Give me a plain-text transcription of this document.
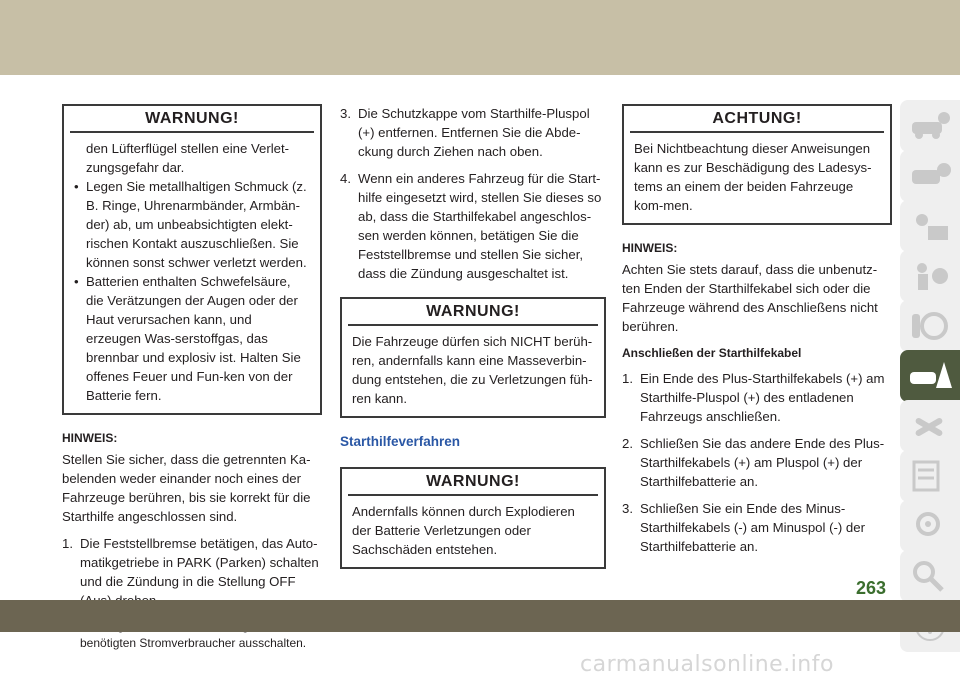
WARNUNG!

den Lüfterflügel stellen eine Verlet-zungsgefahr dar.

• Legen Sie metallhaltigen Schmuck (z. B. Ringe, Uhrenarmbänder, Armbän-der) ab, um unbeabsichtigten elekt-rischen Kontakt auszuschließen. Sie können sonst schwer verletzt werden.

• Batterien enthalten Schwefelsäure, die Verätzungen der Augen oder der Haut verursachen kann, und erzeugen Was-serstoffgas, das brennbar und explosiv ist. Halten Sie offenes Feuer und Fun-ken von der Batterie fern.

HINWEIS:

Stellen Sie sicher, dass die getrennten Ka-belenden weder einander noch eines der Fahrzeuge berühren, bis sie korrekt für die Starthilfe angeschlossen sind.

1. Die Feststellbremse betätigen, das Auto-matikgetriebe in PARK (Parken) schalten und die Zündung in die Stellung OFF

benötigten Stromverbraucher ausschalten.

3. Die Schutzkappe vom Starthilfe-Pluspol (+) entfernen. Entfernen Sie die Abde-ckung durch Ziehen nach oben.

4. Wenn ein anderes Fahrzeug für die Start-hilfe eingesetzt wird, stellen Sie dieses so ab, dass die Starthilfekabel angeschlos-sen werden können, betätigen Sie die Feststellbremse und stellen Sie sicher, dass die Zündung ausgeschaltet ist.

WARNUNG!

Die Fahrzeuge dürfen sich NICHT berüh-ren, andernfalls kann eine Masseverbin-dung entstehen, die zu Verletzungen füh-ren kann.

Starthilfeverfahren
WARNUNG!

Andernfalls können durch Explodieren der Batterie Verletzungen oder Sachschäden entstehen.

ACHTUNG!

Bei Nichtbeachtung dieser Anweisungen kann es zur Beschädigung des Ladesys-tems an einem der beiden Fahrzeuge kom-men.

HINWEIS:

Achten Sie stets darauf, dass die unbenutz-ten Enden der Starthilfekabel sich oder die Fahrzeuge während des Anschließens nicht berühren.

Anschließen der Starthilfekabel

1. Ein Ende des Plus-Starthilfekabels (+) am Starthilfe-Pluspol (+) des entladenen Fahrzeugs anschließen.

2. Schließen Sie das andere Ende des Plus-Starthilfekabels (+) am Pluspol (+) der Starthilfebatterie an.

3. Schließen Sie ein Ende des Minus-Starthilfekabels (-) am Minuspol (-) der Starthilfebatterie an.

263
carmanualsonline.info
